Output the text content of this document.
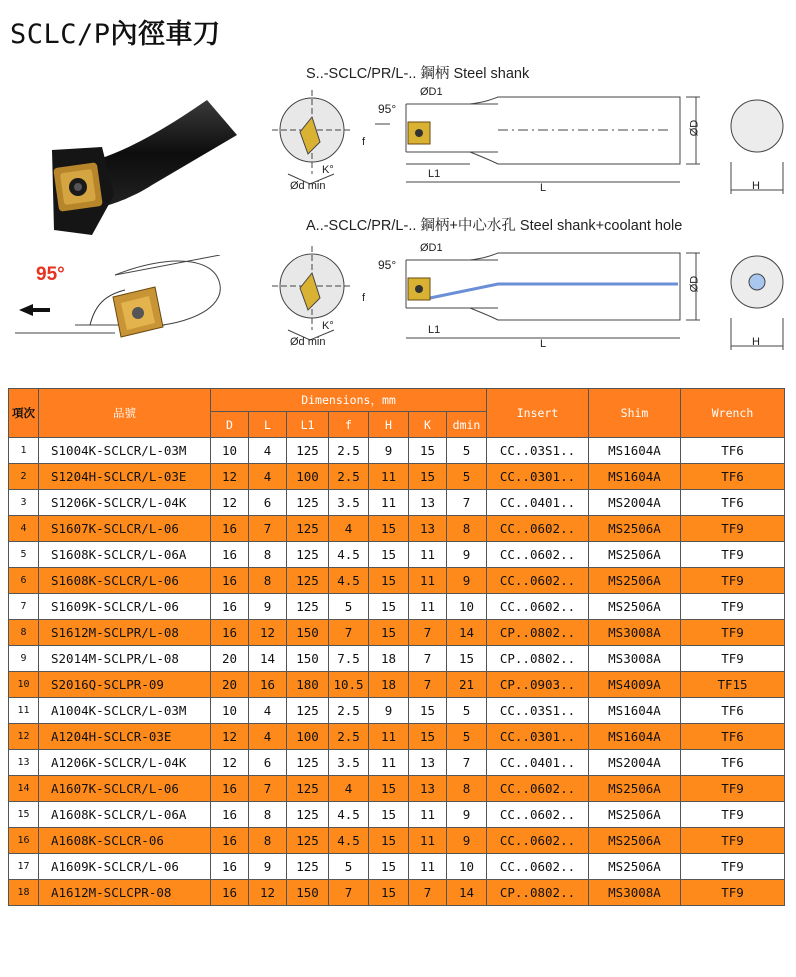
SCLC/P內徑車刀
95°
S..-SCLC/PR/L-.. 鋼柄 Steel shank
A..-SCLC/PR/L-.. 鋼柄+中心水孔 Steel shank+coolant hole
95°
ØD1
Ød min
K°	L1
L
ØD
H
f
95°
ØD1
Ød min
K°	L1
L
ØD
H
f
項次	品號	Dimensions，mm							Insert	Shim	Wrench
		D	L	L1	f	H	K	dmin			
1	S1004K-SCLCR/L-03M	10	4	125	2.5	9	15	5	CC..03S1..	MS1604A	TF6
2	S1204H-SCLCR/L-03E	12	4	100	2.5	11	15	5	CC..0301..	MS1604A	TF6
3	S1206K-SCLCR/L-04K	12	6	125	3.5	11	13	7	CC..0401..	MS2004A	TF6
4	S1607K-SCLCR/L-06	16	7	125	4	15	13	8	CC..0602..	MS2506A	TF9
5	S1608K-SCLCR/L-06A	16	8	125	4.5	15	11	9	CC..0602..	MS2506A	TF9
6	S1608K-SCLCR/L-06	16	8	125	4.5	15	11	9	CC..0602..	MS2506A	TF9
7	S1609K-SCLCR/L-06	16	9	125	5	15	11	10	CC..0602..	MS2506A	TF9
8	S1612M-SCLPR/L-08	16	12	150	7	15	7	14	CP..0802..	MS3008A	TF9
9	S2014M-SCLPR/L-08	20	14	150	7.5	18	7	15	CP..0802..	MS3008A	TF9
10	S2016Q-SCLPR-09	20	16	180	10.5	18	7	21	CP..0903..	MS4009A	TF15
11	A1004K-SCLCR/L-03M	10	4	125	2.5	9	15	5	CC..03S1..	MS1604A	TF6
12	A1204H-SCLCR-03E	12	4	100	2.5	11	15	5	CC..0301..	MS1604A	TF6
13	A1206K-SCLCR/L-04K	12	6	125	3.5	11	13	7	CC..0401..	MS2004A	TF6
14	A1607K-SCLCR/L-06	16	7	125	4	15	13	8	CC..0602..	MS2506A	TF9
15	A1608K-SCLCR/L-06A	16	8	125	4.5	15	11	9	CC..0602..	MS2506A	TF9
16	A1608K-SCLCR-06	16	8	125	4.5	15	11	9	CC..0602..	MS2506A	TF9
17	A1609K-SCLCR/L-06	16	9	125	5	15	11	10	CC..0602..	MS2506A	TF9
18	A1612M-SCLCPR-08	16	12	150	7	15	7	14	CP..0802..	MS3008A	TF9
